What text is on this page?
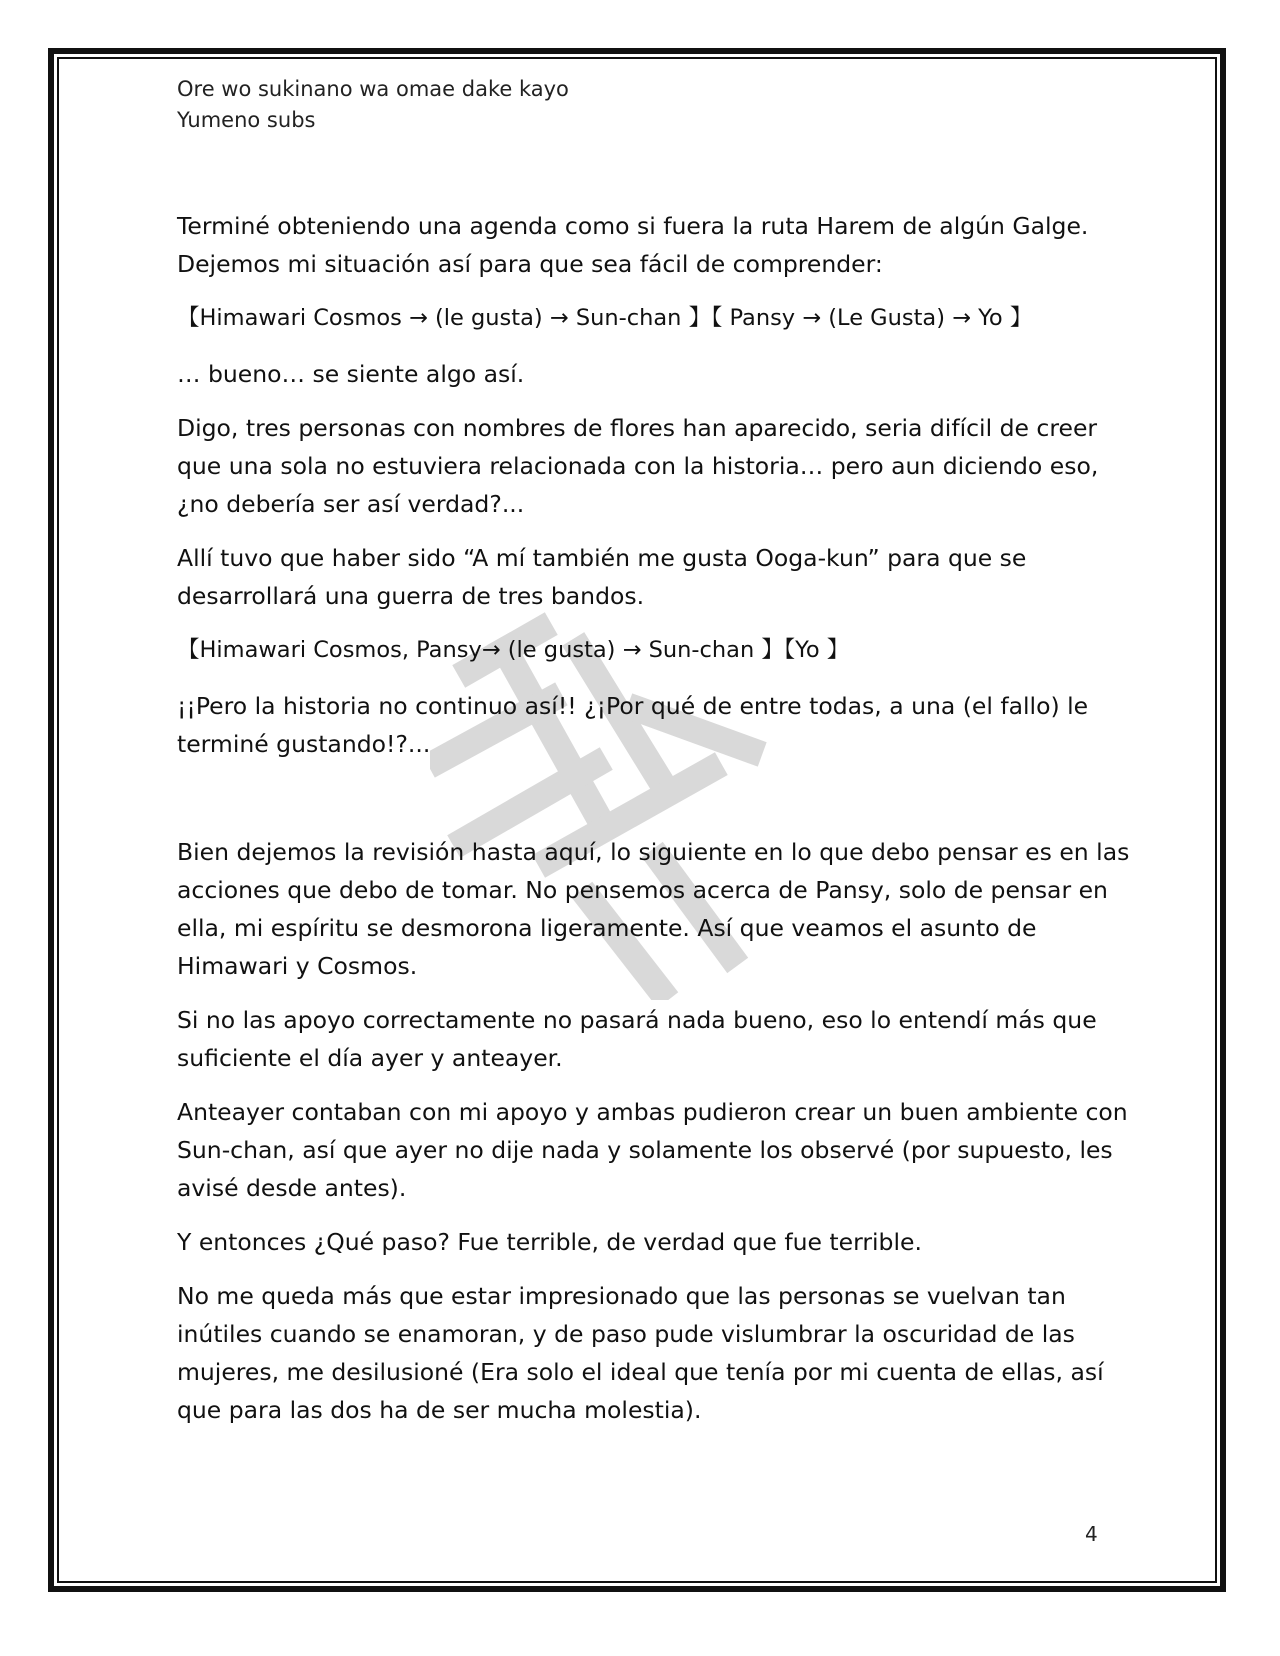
Ore wo sukinano wa omae dake kayo
Yumeno subs

Terminé obteniendo una agenda como si fuera la ruta Harem de algún Galge.
Dejemos mi situación así para que sea fácil de comprender:

【Himawari Cosmos → (le gusta) → Sun-chan 】【 Pansy → (Le Gusta) → Yo 】

… bueno… se siente algo así.

Digo, tres personas con nombres de flores han aparecido, seria difícil de creer
que una sola no estuviera relacionada con la historia… pero aun diciendo eso,
¿no debería ser así verdad?...

Allí tuvo que haber sido “A mí también me gusta Ooga-kun” para que se
desarrollará una guerra de tres bandos.

【Himawari Cosmos, Pansy→ (le gusta) → Sun-chan 】【Yo 】

¡¡Pero la historia no continuo así!! ¿¡Por qué de entre todas, a una (el fallo) le
terminé gustando!?...

Bien dejemos la revisión hasta aquí, lo siguiente en lo que debo pensar es en las
acciones que debo de tomar. No pensemos acerca de Pansy, solo de pensar en
ella, mi espíritu se desmorona ligeramente. Así que veamos el asunto de
Himawari y Cosmos.

Si no las apoyo correctamente no pasará nada bueno, eso lo entendí más que
suficiente el día ayer y anteayer.

Anteayer contaban con mi apoyo y ambas pudieron crear un buen ambiente con
Sun-chan, así que ayer no dije nada y solamente los observé (por supuesto, les
avisé desde antes).

Y entonces ¿Qué paso? Fue terrible, de verdad que fue terrible.

No me queda más que estar impresionado que las personas se vuelvan tan
inútiles cuando se enamoran, y de paso pude vislumbrar la oscuridad de las
mujeres, me desilusioné (Era solo el ideal que tenía por mi cuenta de ellas, así
que para las dos ha de ser mucha molestia).

4
